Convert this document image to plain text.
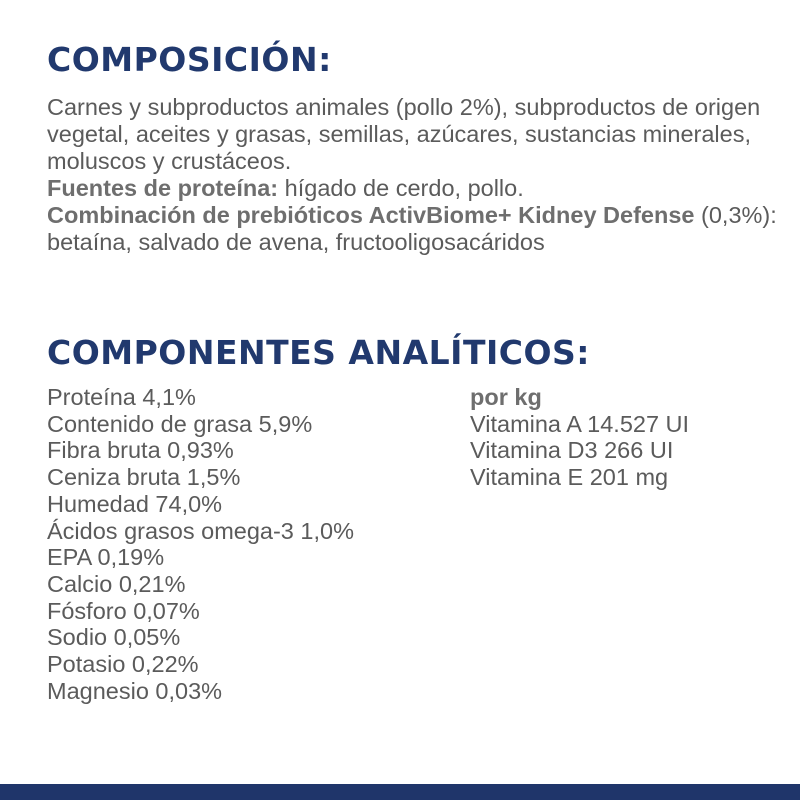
COMPOSICIÓN:

Carnes y subproductos animales (pollo 2%), subproductos de origen vegetal, aceites y grasas, semillas, azúcares, sustancias minerales, moluscos y crustáceos.
Fuentes de proteína: hígado de cerdo, pollo.
Combinación de prebióticos ActivBiome+ Kidney Defense (0,3%): betaína, salvado de avena, fructooligosacáridos

COMPONENTES ANALÍTICOS:
Proteína 4,1%
Contenido de grasa 5,9%
Fibra bruta 0,93%
Ceniza bruta 1,5%
Humedad 74,0%
Ácidos grasos omega-3 1,0%
EPA 0,19%
Calcio 0,21%
Fósforo 0,07%
Sodio 0,05%
Potasio 0,22%
Magnesio 0,03%
por kg
Vitamina A 14.527 UI
Vitamina D3 266 UI
Vitamina E 201 mg
